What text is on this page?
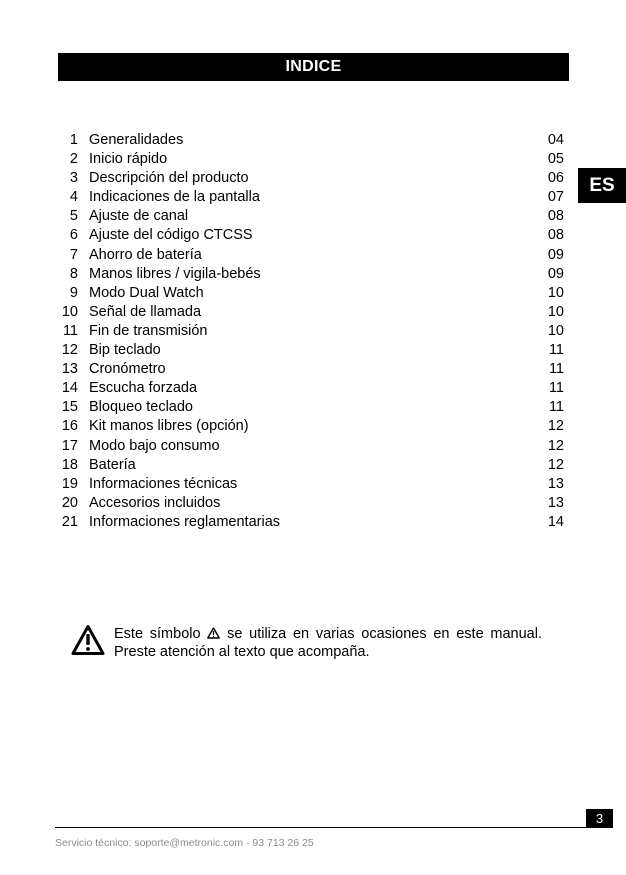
INDICE
ES
1 Generalidades	04
2 Inicio rápido	05
3 Descripción del producto	06
4 Indicaciones de la pantalla	07
5 Ajuste de canal	08
6 Ajuste del código CTCSS	08
7 Ahorro de batería	09
8 Manos libres / vigila-bebés	09
9 Modo Dual Watch	10
10 Señal de llamada	10
11 Fin de transmisión	10
12 Bip teclado	11
13 Cronómetro	11
14 Escucha forzada	11
15 Bloqueo teclado	11
16 Kit manos libres (opción)	12
17 Modo bajo consumo	12
18 Batería	12
19 Informaciones técnicas	13
20 Accesorios incluidos	13
21 Informaciones reglamentarias	14

Este símbolo se utiliza en varias ocasiones en este manual.

Preste atención al texto que acompaña.

3
Servicio técnico: soporte@metronic.com · 93 713 26 25
